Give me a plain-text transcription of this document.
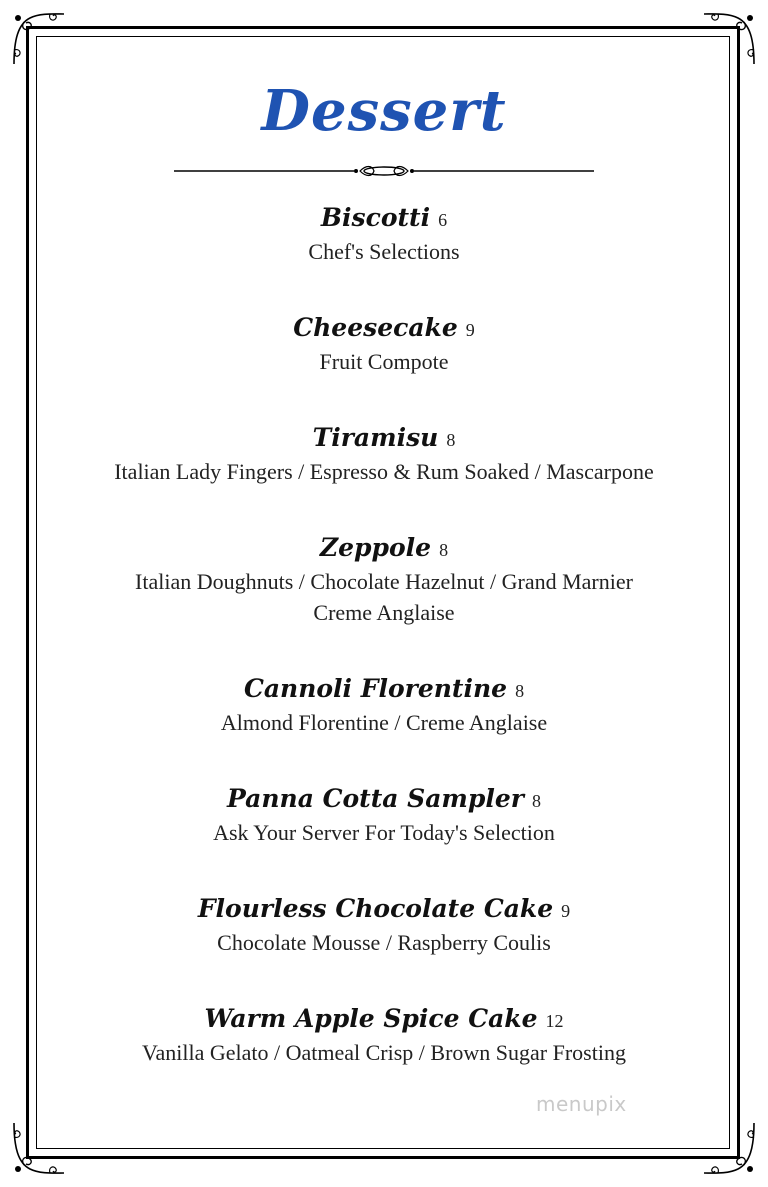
Dessert
Biscotti 6
Chef's Selections
Cheesecake 9
Fruit Compote
Tiramisu 8
Italian Lady Fingers / Espresso & Rum Soaked / Mascarpone
Zeppole 8
Italian Doughnuts / Chocolate Hazelnut / Grand Marnier
Creme Anglaise
Cannoli Florentine 8
Almond Florentine / Creme Anglaise
Panna Cotta Sampler 8
Ask Your Server For Today's Selection
Flourless Chocolate Cake 9
Chocolate Mousse / Raspberry Coulis
Warm Apple Spice Cake 12
Vanilla Gelato / Oatmeal Crisp / Brown Sugar Frosting
menupix
